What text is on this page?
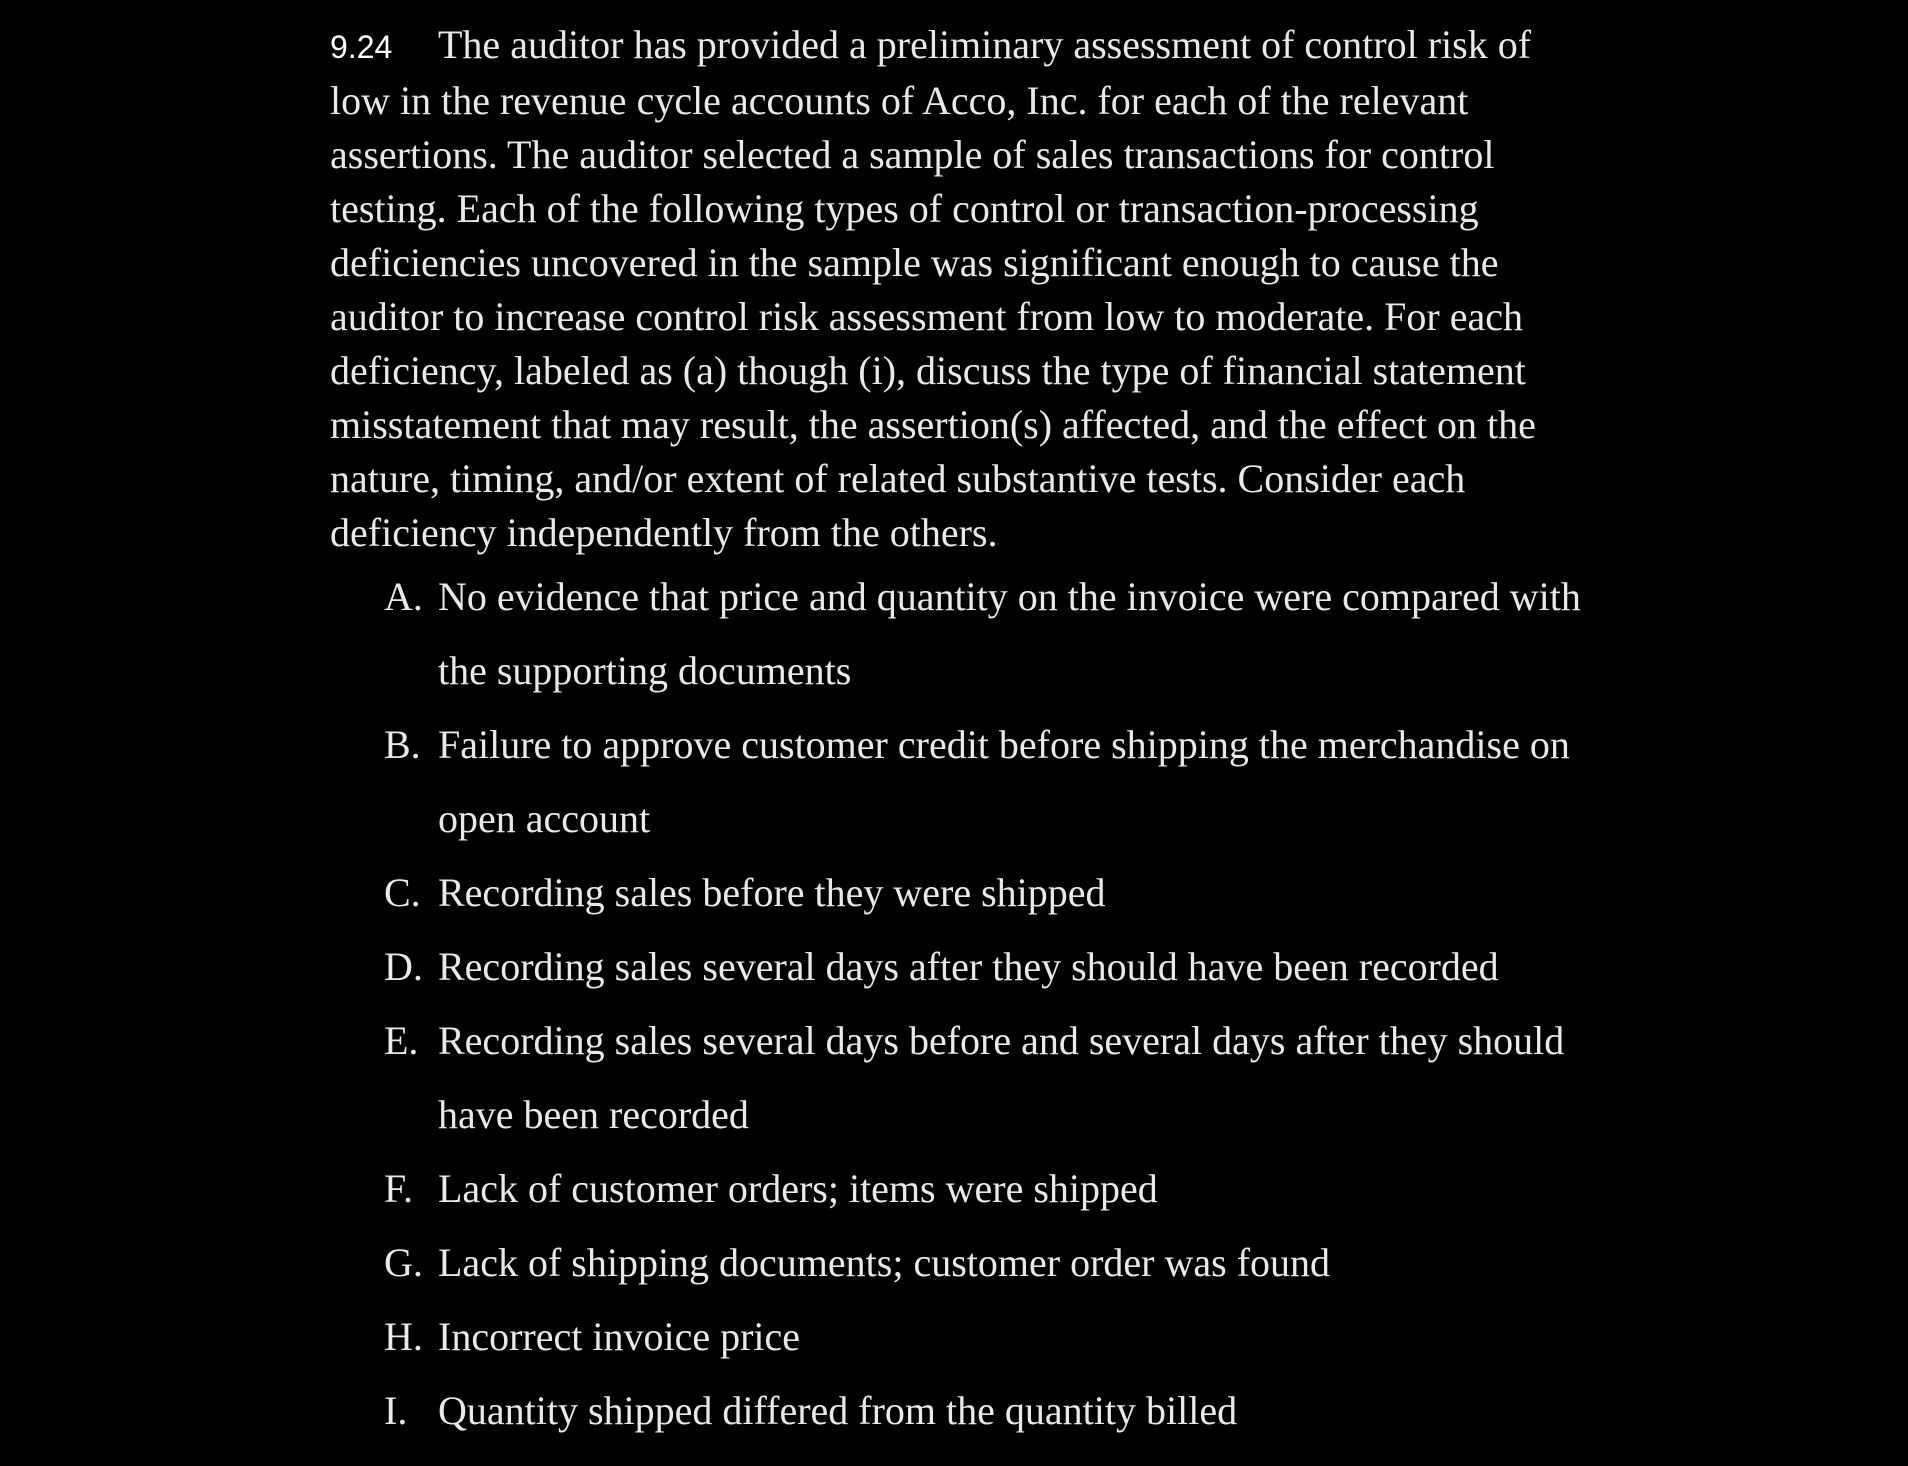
9.24 The auditor has provided a preliminary assessment of control risk of low in the revenue cycle accounts of Acco, Inc. for each of the relevant assertions. The auditor selected a sample of sales transactions for control testing. Each of the following types of control or transaction-processing deficiencies uncovered in the sample was significant enough to cause the auditor to increase control risk assessment from low to moderate. For each deficiency, labeled as (a) though (i), discuss the type of financial statement misstatement that may result, the assertion(s) affected, and the effect on the nature, timing, and/or extent of related substantive tests. Consider each deficiency independently from the others.

A. No evidence that price and quantity on the invoice were compared with the supporting documents
B. Failure to approve customer credit before shipping the merchandise on open account
C. Recording sales before they were shipped
D. Recording sales several days after they should have been recorded
E. Recording sales several days before and several days after they should have been recorded
F. Lack of customer orders; items were shipped
G. Lack of shipping documents; customer order was found
H. Incorrect invoice price
I. Quantity shipped differed from the quantity billed
